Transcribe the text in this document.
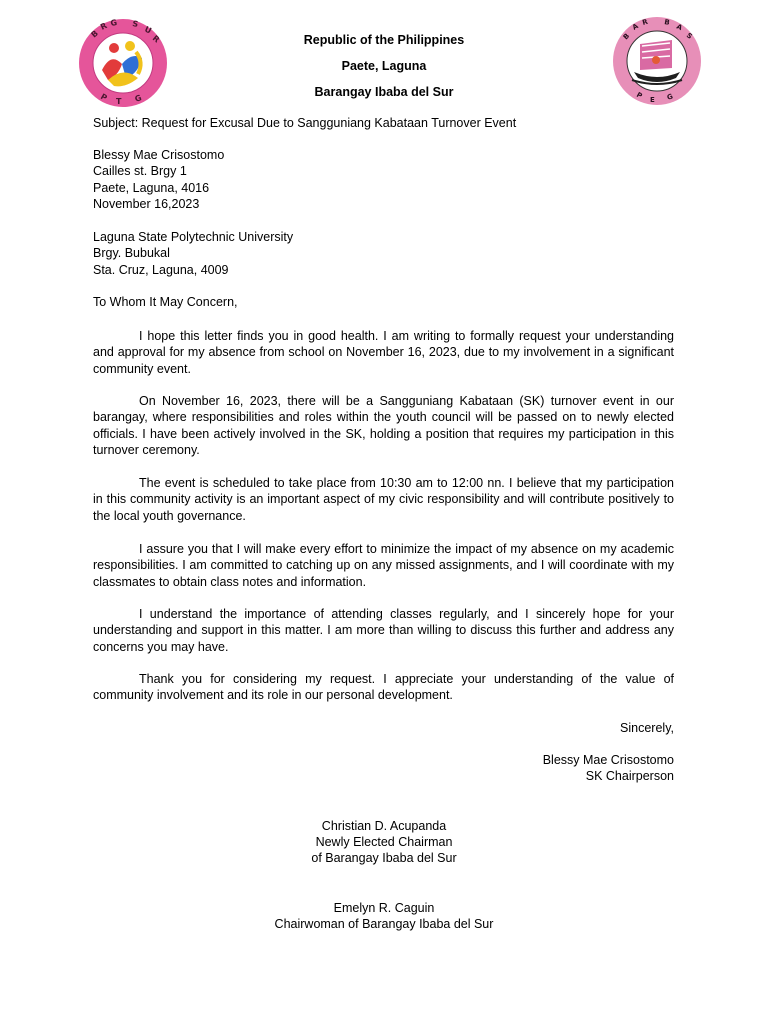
B
R G S
U
R
P T G
B
A R B
A
S
P E G
Republic of the Philippines
Paete, Laguna
Barangay Ibaba del Sur
Subject: Request for Excusal Due to Sangguniang Kabataan Turnover Event
Blessy Mae Crisostomo
Cailles st. Brgy 1
Paete, Laguna, 4016
November 16,2023
Laguna State Polytechnic University
Brgy. Bubukal
Sta. Cruz, Laguna, 4009
To Whom It May Concern,
I hope this letter finds you in good health. I am writing to formally request your understanding and approval for my absence from school on November 16, 2023, due to my involvement in a significant community event.
On November 16, 2023, there will be a Sangguniang Kabataan (SK) turnover event in our barangay, where responsibilities and roles within the youth council will be passed on to newly elected officials. I have been actively involved in the SK, holding a position that requires my participation in this turnover ceremony.
The event is scheduled to take place from 10:30 am to 12:00 nn. I believe that my participation in this community activity is an important aspect of my civic responsibility and will contribute positively to the local youth governance.
I assure you that I will make every effort to minimize the impact of my absence on my academic responsibilities. I am committed to catching up on any missed assignments, and I will coordinate with my classmates to obtain class notes and information.
I understand the importance of attending classes regularly, and I sincerely hope for your understanding and support in this matter. I am more than willing to discuss this further and address any concerns you may have.
Thank you for considering my request. I appreciate your understanding of the value of community involvement and its role in our personal development.
Sincerely,
Blessy Mae Crisostomo
SK Chairperson
Christian D. Acupanda
Newly Elected Chairman
of Barangay Ibaba del Sur
Emelyn R. Caguin
Chairwoman of Barangay Ibaba del Sur
